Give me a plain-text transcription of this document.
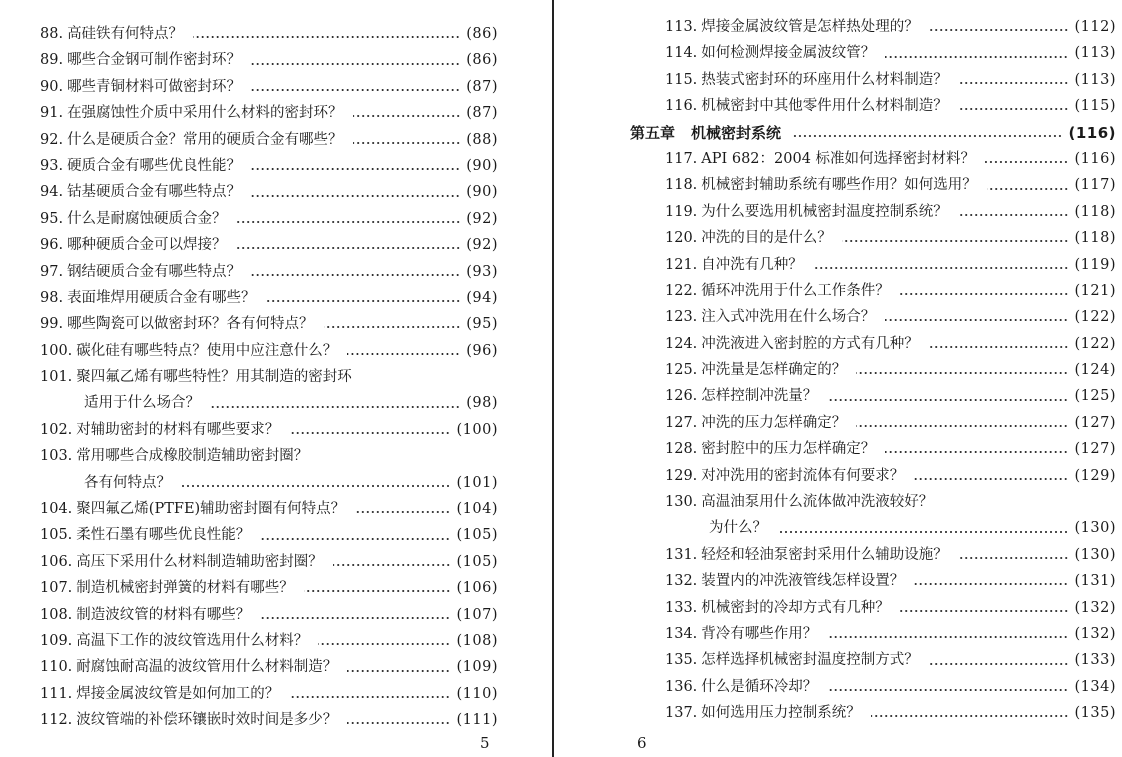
88. 高硅铁有何特点？	(86)
89. 哪些合金钢可制作密封环？	(86)
90. 哪些青铜材料可做密封环？	(87)
91. 在强腐蚀性介质中采用什么材料的密封环？	(87)
92. 什么是硬质合金？常用的硬质合金有哪些？	(88)
93. 硬质合金有哪些优良性能？	(90)
94. 钴基硬质合金有哪些特点？	(90)
95. 什么是耐腐蚀硬质合金？	(92)
96. 哪种硬质合金可以焊接？	(92)
97. 钢结硬质合金有哪些特点？	(93)
98. 表面堆焊用硬质合金有哪些？	(94)
99. 哪些陶瓷可以做密封环？各有何特点？	(95)
100. 碳化硅有哪些特点？使用中应注意什么？	(96)
101. 聚四氟乙烯有哪些特性？用其制造的密封环
适用于什么场合？	(98)
102. 对辅助密封的材料有哪些要求？	(100)
103. 常用哪些合成橡胶制造辅助密封圈？
各有何特点？	(101)
104. 聚四氟乙烯(PTFE)辅助密封圈有何特点？	(104)
105. 柔性石墨有哪些优良性能？	(105)
106. 高压下采用什么材料制造辅助密封圈？	(105)
107. 制造机械密封弹簧的材料有哪些？	(106)
108. 制造波纹管的材料有哪些？	(107)
109. 高温下工作的波纹管选用什么材料？	(108)
110. 耐腐蚀耐高温的波纹管用什么材料制造？	(109)
111. 焊接金属波纹管是如何加工的？	(110)
112. 波纹管端的补偿环镶嵌时效时间是多少？	(111)
113. 焊接金属波纹管是怎样热处理的？	(112)
114. 如何检测焊接金属波纹管？	(113)
115. 热装式密封环的环座用什么材料制造？	(113)
116. 机械密封中其他零件用什么材料制造？	(115)
第五章 机械密封系统	(116)
117. API 682：2004 标准如何选择密封材料？	(116)
118. 机械密封辅助系统有哪些作用？如何选用？	(117)
119. 为什么要选用机械密封温度控制系统？	(118)
120. 冲洗的目的是什么？	(118)
121. 自冲洗有几种？	(119)
122. 循环冲洗用于什么工作条件？	(121)
123. 注入式冲洗用在什么场合？	(122)
124. 冲洗液进入密封腔的方式有几种？	(122)
125. 冲洗量是怎样确定的？	(124)
126. 怎样控制冲洗量？	(125)
127. 冲洗的压力怎样确定？	(127)
128. 密封腔中的压力怎样确定？	(127)
129. 对冲洗用的密封流体有何要求？	(129)
130. 高温油泵用什么流体做冲洗液较好？
为什么？	(130)
131. 轻烃和轻油泵密封采用什么辅助设施？	(130)
132. 装置内的冲洗液管线怎样设置？	(131)
133. 机械密封的冷却方式有几种？	(132)
134. 背冷有哪些作用？	(132)
135. 怎样选择机械密封温度控制方式？	(133)
136. 什么是循环冷却？	(134)
137. 如何选用压力控制系统？	(135)
5	6
